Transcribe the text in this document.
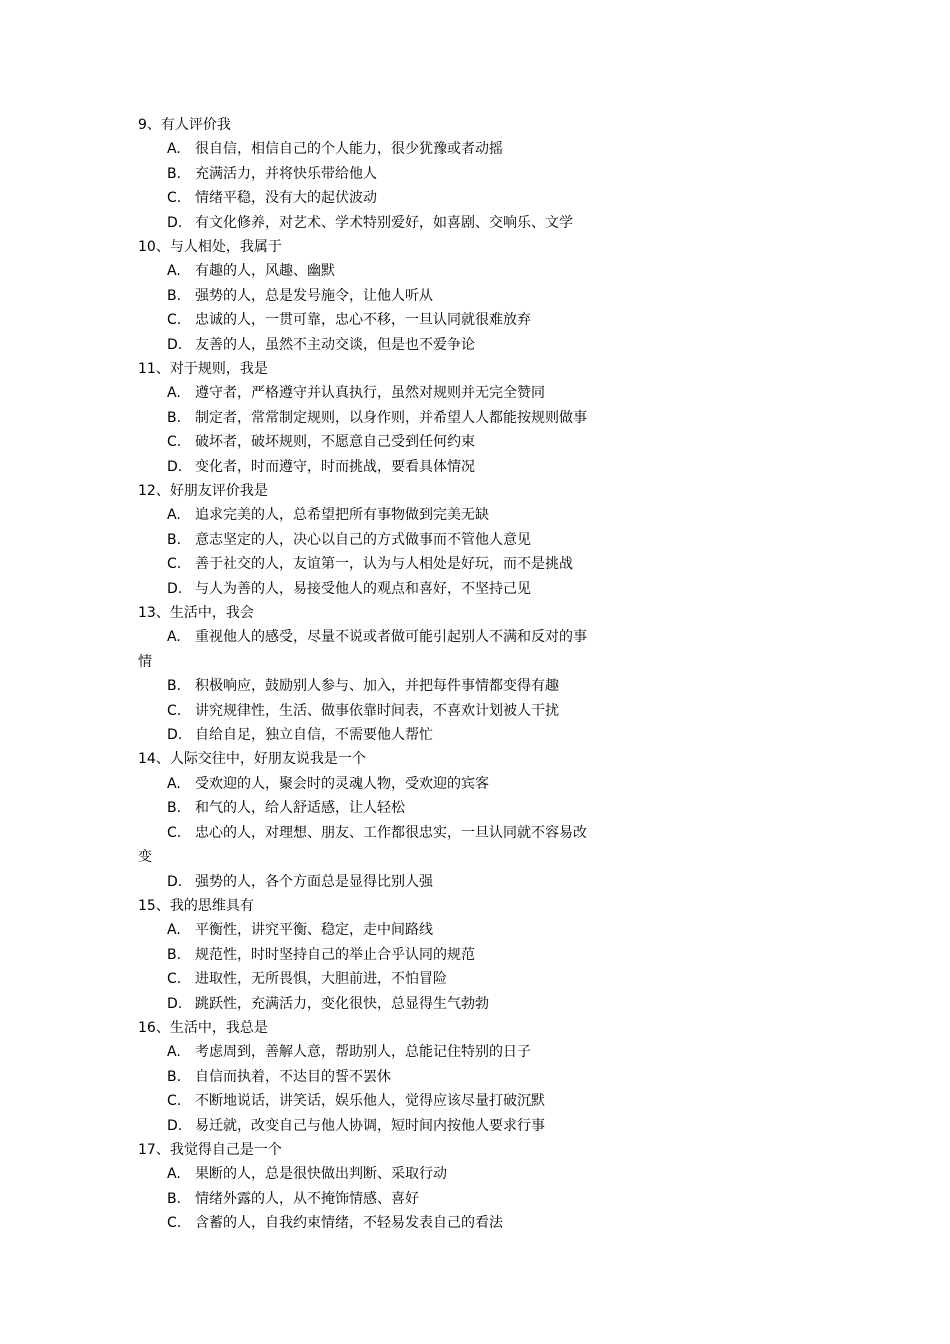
9、有人评价我
A.	很自信，相信自己的个人能力，很少犹豫或者动摇
B. 充满活力，并将快乐带给他人
C. 情绪平稳，没有大的起伏波动
D. 有文化修养，对艺术、学术特别爱好，如喜剧、交响乐、文学
10、与人相处，我属于
A.	有趣的人，风趣、幽默
B. 强势的人，总是发号施令，让他人听从
C. 忠诚的人，一贯可靠，忠心不移，一旦认同就很难放弃
D. 友善的人，虽然不主动交谈，但是也不爱争论
11、对于规则，我是
A.	遵守者，严格遵守并认真执行，虽然对规则并无完全赞同
B. 制定者，常常制定规则，以身作则，并希望人人都能按规则做事
C. 破坏者，破坏规则，不愿意自己受到任何约束
D. 变化者，时而遵守，时而挑战，要看具体情况
12、好朋友评价我是
A.	追求完美的人，总希望把所有事物做到完美无缺
B. 意志坚定的人，决心以自己的方式做事而不管他人意见
C. 善于社交的人，友谊第一，认为与人相处是好玩，而不是挑战
D. 与人为善的人，易接受他人的观点和喜好，不坚持己见
13、生活中，我会
A.	重视他人的感受，尽量不说或者做可能引起别人不满和反对的事
情
B. 积极响应，鼓励别人参与、加入，并把每件事情都变得有趣
C. 讲究规律性，生活、做事依靠时间表，不喜欢计划被人干扰
D. 自给自足，独立自信，不需要他人帮忙
14、人际交往中，好朋友说我是一个
A.	受欢迎的人，聚会时的灵魂人物，受欢迎的宾客
B. 和气的人，给人舒适感，让人轻松
C. 忠心的人，对理想、朋友、工作都很忠实，一旦认同就不容易改
变
D. 强势的人，各个方面总是显得比别人强
15、我的思维具有
A.	平衡性，讲究平衡、稳定，走中间路线
B. 规范性，时时坚持自己的举止合乎认同的规范
C. 进取性，无所畏惧，大胆前进，不怕冒险
D. 跳跃性，充满活力，变化很快，总显得生气勃勃
16、生活中，我总是
A.	考虑周到，善解人意，帮助别人，总能记住特别的日子
B. 自信而执着，不达目的誓不罢休
C. 不断地说话，讲笑话，娱乐他人，觉得应该尽量打破沉默
D. 易迁就，改变自己与他人协调，短时间内按他人要求行事
17、我觉得自己是一个
A.	果断的人，总是很快做出判断、采取行动
B. 情绪外露的人，从不掩饰情感、喜好
C. 含蓄的人，自我约束情绪，不轻易发表自己的看法
